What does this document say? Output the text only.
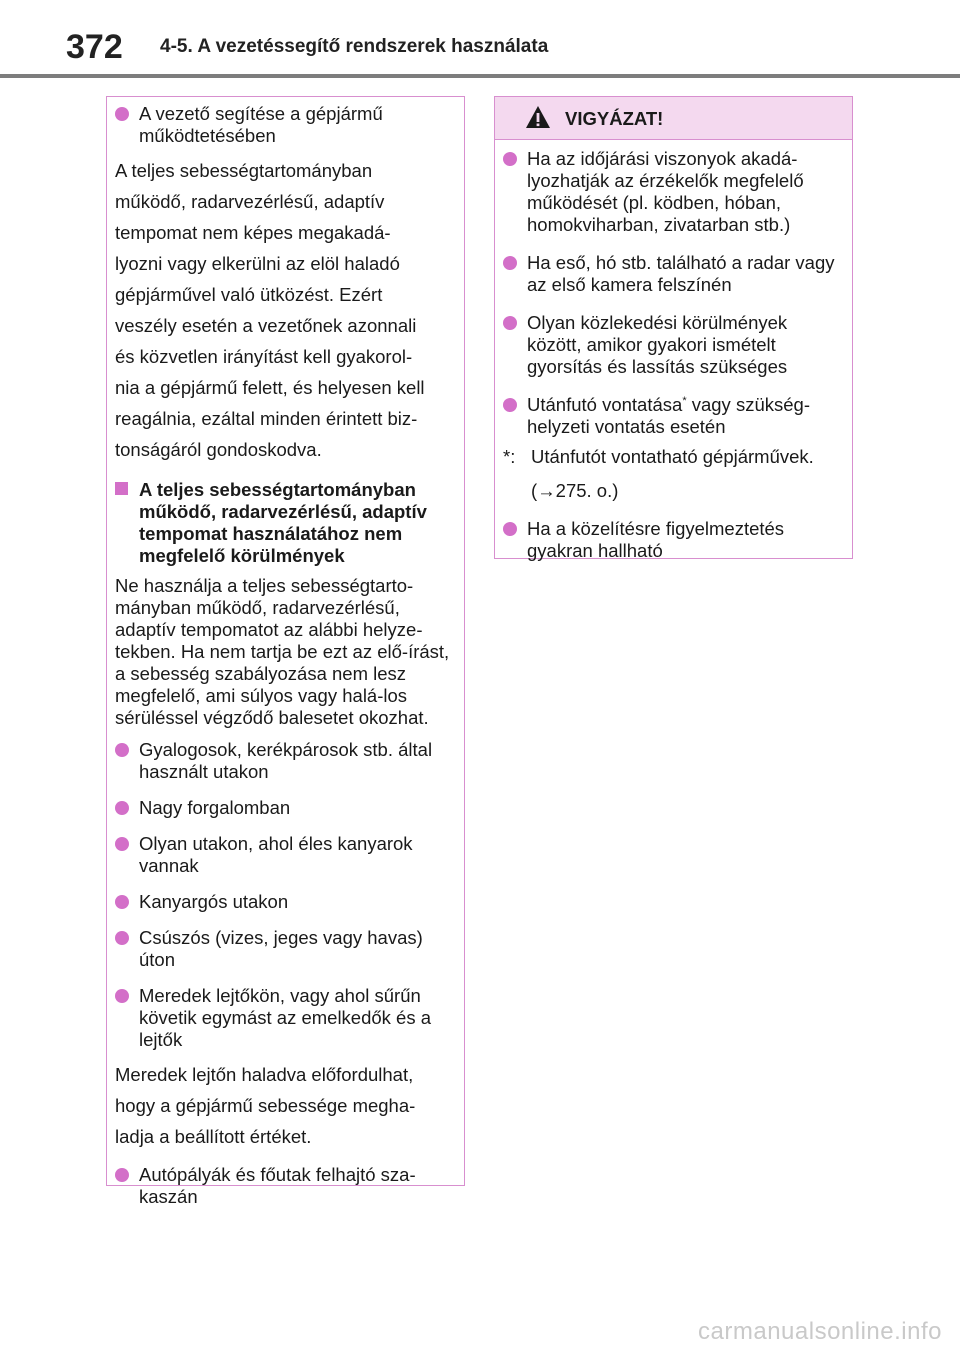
372 4-5. A vezetéssegítő rendszerek használata
A vezető segítése a gépjármű működtetésében
A teljes sebességtartományban
működő, radarvezérlésű, adaptív
tempomat nem képes megakadá-
lyozni vagy elkerülni az elöl haladó
gépjárművel való ütközést. Ezért
veszély esetén a vezetőnek azonnali
és közvetlen irányítást kell gyakorol-
nia a gépjármű felett, és helyesen kell
reagálnia, ezáltal minden érintett biz-
tonságáról gondoskodva.
A teljes sebességtartományban működő, radarvezérlésű, adaptív tempomat használatához nem megfelelő körülmények
Ne használja a teljes sebességtarto-mányban működő, radarvezérlésű, adaptív tempomatot az alábbi helyze-tekben. Ha nem tartja be ezt az elő-írást, a sebesség szabályozása nem lesz megfelelő, ami súlyos vagy halá-los sérüléssel végződő balesetet okozhat.
Gyalogosok, kerékpárosok stb. által használt utakon
Nagy forgalomban
Olyan utakon, ahol éles kanyarok vannak
Kanyargós utakon
Csúszós (vizes, jeges vagy havas) úton
Meredek lejtőkön, vagy ahol sűrűn követik egymást az emelkedők és a lejtők
Meredek lejtőn haladva előfordulhat,
hogy a gépjármű sebessége megha-
ladja a beállított értéket.
Autópályák és főutak felhajtó sza-kaszán
VIGYÁZAT!
Ha az időjárási viszonyok akadá-lyozhatják az érzékelők megfelelő működését (pl. ködben, hóban, homokviharban, zivatarban stb.)
Ha eső, hó stb. található a radar vagy az első kamera felszínén
Olyan közlekedési körülmények között, amikor gyakori ismételt gyorsítás és lassítás szükséges
Utánfutó vontatása* vagy szükség-helyzeti vontatás esetén
*: Utánfutót vontatható gépjárművek.
(→275. o.)
Ha a közelítésre figyelmeztetés gyakran hallható
carmanualsonline.info
